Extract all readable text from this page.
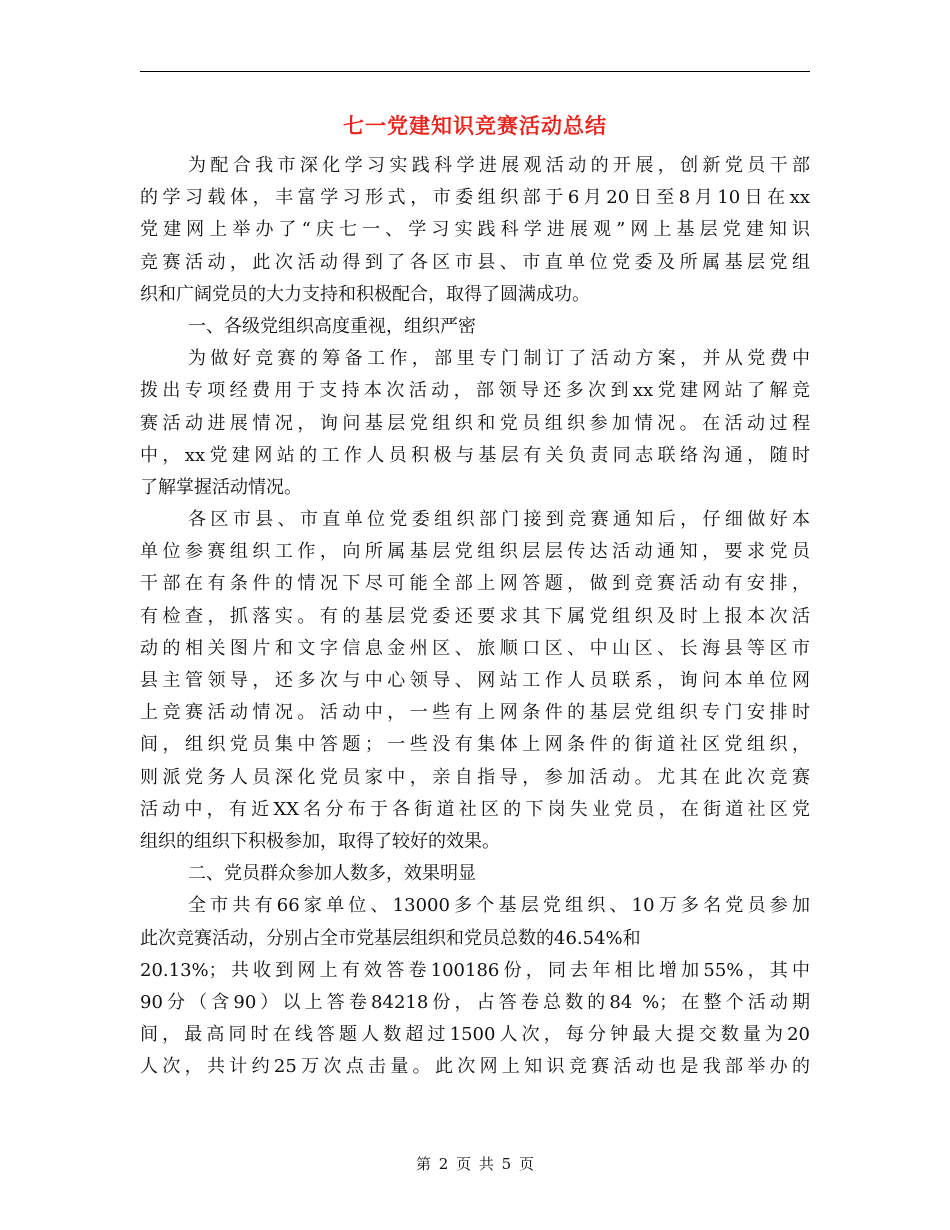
七一党建知识竞赛活动总结
为配合我市深化学习实践科学进展观活动的开展，创新党员干部
的学习载体，丰富学习形式，市委组织部于6月20日至8月10日在xx
党建网上举办了“庆七一、学习实践科学进展观”网上基层党建知识
竞赛活动，此次活动得到了各区市县、市直单位党委及所属基层党组
织和广阔党员的大力支持和积极配合，取得了圆满成功。
一、各级党组织高度重视，组织严密
为做好竞赛的筹备工作，部里专门制订了活动方案，并从党费中
拨出专项经费用于支持本次活动，部领导还多次到xx党建网站了解竞
赛活动进展情况，询问基层党组织和党员组织参加情况。在活动过程
中，xx党建网站的工作人员积极与基层有关负责同志联络沟通，随时
了解掌握活动情况。
各区市县、市直单位党委组织部门接到竞赛通知后，仔细做好本
单位参赛组织工作，向所属基层党组织层层传达活动通知，要求党员
干部在有条件的情况下尽可能全部上网答题，做到竞赛活动有安排，
有检查，抓落实。有的基层党委还要求其下属党组织及时上报本次活
动的相关图片和文字信息金州区、旅顺口区、中山区、长海县等区市
县主管领导，还多次与中心领导、网站工作人员联系，询问本单位网
上竞赛活动情况。活动中，一些有上网条件的基层党组织专门安排时
间，组织党员集中答题；一些没有集体上网条件的街道社区党组织，
则派党务人员深化党员家中，亲自指导，参加活动。尤其在此次竞赛
活动中，有近XX名分布于各街道社区的下岗失业党员，在街道社区党
组织的组织下积极参加，取得了较好的效果。
二、党员群众参加人数多，效果明显
全市共有66家单位、13000多个基层党组织、10万多名党员参加
此次竞赛活动，分别占全市党基层组织和党员总数的46.54%和
20.13%；共收到网上有效答卷100186份，同去年相比增加55%，其中
90分（含90）以上答卷84218份，占答卷总数的84 %；在整个活动期
间，最高同时在线答题人数超过1500人次，每分钟最大提交数量为20
人次，共计约25万次点击量。此次网上知识竞赛活动也是我部举办的
第 2 页 共 5 页
